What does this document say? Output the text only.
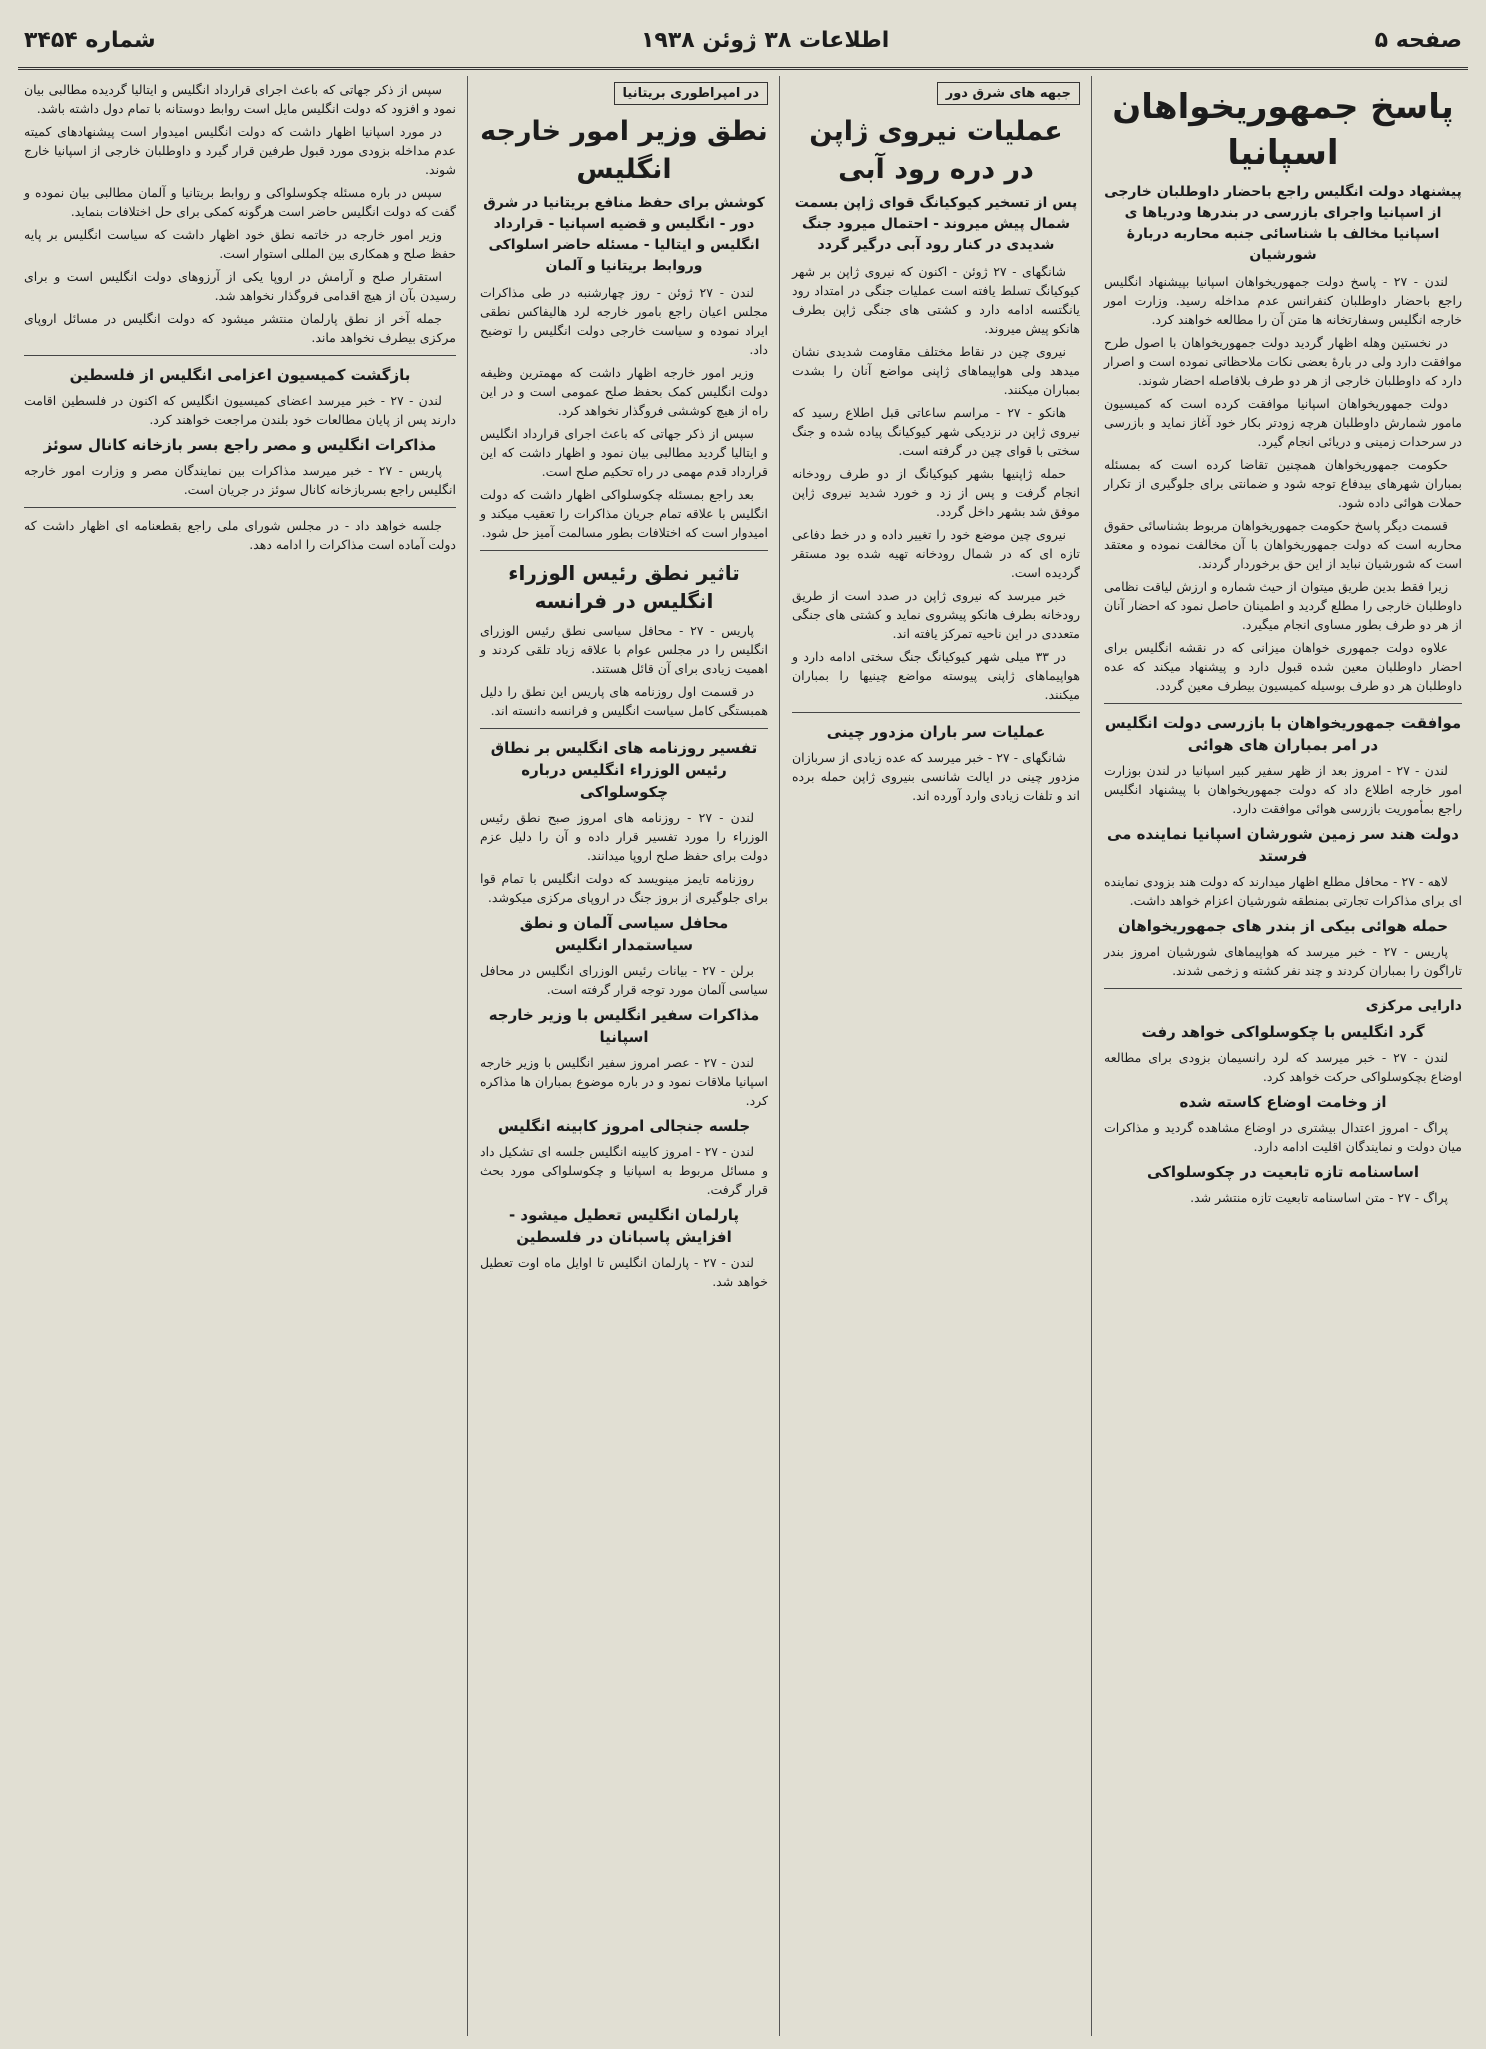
صفحه ۵
اطلاعات ۳۸ ژوئن ۱۹۳۸
شماره ۳۴۵۴
پاسخ جمهوریخواهان اسپانیا
پیشنهاد دولت انگلیس راجع باحضار داوطلبان خارجی از اسپانیا واجرای بازرسی در بندرها ودریاها ی اسپانیا مخالف با شناسائی جنبه محاربه دربارهٔ شورشیان

لندن - ۲۷ - پاسخ دولت جمهوریخواهان اسپانیا بپیشنهاد انگلیس راجع باحضار داوطلبان کنفرانس عدم مداخله رسید. وزارت امور خارجه انگلیس وسفارتخانه ها متن آن را مطالعه خواهند کرد.

در نخستین وهله اظهار گردید دولت جمهوریخواهان با اصول طرح موافقت دارد ولی در بارهٔ بعضی نکات ملاحظاتی نموده است و اصرار دارد که داوطلبان خارجی از هر دو طرف بلافاصله احضار شوند.

دولت جمهوریخواهان اسپانیا موافقت کرده است که کمیسیون مامور شمارش داوطلبان هرچه زودتر بکار خود آغاز نماید و بازرسی در سرحدات زمینی و دریائی انجام گیرد.

حکومت جمهوریخواهان همچنین تقاضا کرده است که بمسئله بمباران شهرهای بیدفاع توجه شود و ضمانتی برای جلوگیری از تکرار حملات هوائی داده شود.

قسمت دیگر پاسخ حکومت جمهوریخواهان مربوط بشناسائی حقوق محاربه است که دولت جمهوریخواهان با آن مخالفت نموده و معتقد است که شورشیان نباید از این حق برخوردار گردند.

زیرا فقط بدین طریق میتوان از حیث شماره و ارزش لیاقت نظامی داوطلبان خارجی را مطلع گردید و اطمینان حاصل نمود که احضار آنان از هر دو طرف بطور مساوی انجام میگیرد.

علاوه دولت جمهوری خواهان میزانی که در نقشه انگلیس برای احضار داوطلبان معین شده قبول دارد و پیشنهاد میکند که عده داوطلبان هر دو طرف بوسیله کمیسیون بیطرف معین گردد.

موافقت جمهوریخواهان با بازرسی دولت انگلیس در امر بمباران های هوائی

لندن - ۲۷ - امروز بعد از ظهر سفیر کبیر اسپانیا در لندن بوزارت امور خارجه اطلاع داد که دولت جمهوریخواهان با پیشنهاد انگلیس راجع بمأموریت بازرسی هوائی موافقت دارد.

دولت هند سر زمین شورشان اسپانیا نماینده می فرستد

لاهه - ۲۷ - محافل مطلع اظهار میدارند که دولت هند بزودی نماینده ای برای مذاکرات تجارتی بمنطقه شورشیان اعزام خواهد داشت.

حمله هوائی بیکی از بندر های جمهوریخواهان

پاریس - ۲۷ - خبر میرسد که هواپیماهای شورشیان امروز بندر تاراگون را بمباران کردند و چند نفر کشته و زخمی شدند.

دارایی مرکزی
گرد انگلیس با چکوسلواکی خواهد رفت

لندن - ۲۷ - خبر میرسد که لرد رانسیمان بزودی برای مطالعه اوضاع بچکوسلواکی حرکت خواهد کرد.

از وخامت اوضاع کاسته شده

پراگ - امروز اعتدال بیشتری در اوضاع مشاهده گردید و مذاکرات میان دولت و نمایندگان اقلیت ادامه دارد.

اساسنامه تازه تابعیت در چکوسلواکی

پراگ - ۲۷ - متن اساسنامه تابعیت تازه منتشر شد.

جبهه های شرق دور
عملیات نیروی ژاپن در دره رود آبی
پس از تسخیر کیوکیانگ قوای ژاپن بسمت شمال پیش میروند - احتمال میرود جنگ شدیدی در کنار رود آبی درگیر گردد

شانگهای - ۲۷ ژوئن - اکنون که نیروی ژاپن بر شهر کیوکیانگ تسلط یافته است عملیات جنگی در امتداد رود یانگتسه ادامه دارد و کشتی های جنگی ژاپن بطرف هانکو پیش میروند.

نیروی چین در نقاط مختلف مقاومت شدیدی نشان میدهد ولی هواپیماهای ژاپنی مواضع آنان را بشدت بمباران میکنند.

هانکو - ۲۷ - مراسم ساعاتی قبل اطلاع رسید که نیروی ژاپن در نزدیکی شهر کیوکیانگ پیاده شده و جنگ سختی با قوای چین در گرفته است.

حمله ژاپنیها بشهر کیوکیانگ از دو طرف رودخانه انجام گرفت و پس از زد و خورد شدید نیروی ژاپن موفق شد بشهر داخل گردد.

نیروی چین موضع خود را تغییر داده و در خط دفاعی تازه ای که در شمال رودخانه تهیه شده بود مستقر گردیده است.

خبر میرسد که نیروی ژاپن در صدد است از طریق رودخانه بطرف هانکو پیشروی نماید و کشتی های جنگی متعددی در این ناحیه تمرکز یافته اند.

در ۳۳ میلی شهر کیوکیانگ جنگ سختی ادامه دارد و هواپیماهای ژاپنی پیوسته مواضع چینیها را بمباران میکنند.

عملیات سر باران مزدور چینی

شانگهای - ۲۷ - خبر میرسد که عده زیادی از سربازان مزدور چینی در ایالت شانسی بنیروی ژاپن حمله برده اند و تلفات زیادی وارد آورده اند.

در امپراطوری بریتانیا
نطق وزیر امور خارجه انگلیس
کوشش برای حفظ منافع بریتانیا در شرق دور - انگلیس و قضیه اسپانیا - قرارداد انگلیس و ایتالیا - مسئله حاضر اسلواکی وروابط بریتانیا و آلمان

لندن - ۲۷ ژوئن - روز چهارشنبه در طی مذاکرات مجلس اعیان راجع بامور خارجه لرد هالیفاکس نطقی ایراد نموده و سیاست خارجی دولت انگلیس را توضیح داد.

وزیر امور خارجه اظهار داشت که مهمترین وظیفه دولت انگلیس کمک بحفظ صلح عمومی است و در این راه از هیچ کوششی فروگذار نخواهد کرد.

سپس از ذکر جهاتی که باعث اجرای قرارداد انگلیس و ایتالیا گردید مطالبی بیان نمود و اظهار داشت که این قرارداد قدم مهمی در راه تحکیم صلح است.

بعد راجع بمسئله چکوسلواکی اظهار داشت که دولت انگلیس با علاقه تمام جریان مذاکرات را تعقیب میکند و امیدوار است که اختلافات بطور مسالمت آمیز حل شود.

تاثیر نطق رئیس الوزراء انگلیس در فرانسه

پاریس - ۲۷ - محافل سیاسی نطق رئیس الوزرای انگلیس را در مجلس عوام با علاقه زیاد تلقی کردند و اهمیت زیادی برای آن قائل هستند.

در قسمت اول روزنامه های پاریس این نطق را دلیل همبستگی کامل سیاست انگلیس و فرانسه دانسته اند.

تفسیر روزنامه های انگلیس بر نطاق رئیس الوزراء انگلیس درباره چکوسلواکی

لندن - ۲۷ - روزنامه های امروز صبح نطق رئیس الوزراء را مورد تفسیر قرار داده و آن را دلیل عزم دولت برای حفظ صلح اروپا میدانند.

روزنامه تایمز مینویسد که دولت انگلیس با تمام قوا برای جلوگیری از بروز جنگ در اروپای مرکزی میکوشد.

محافل سیاسی آلمان و نطق سیاستمدار انگلیس

برلن - ۲۷ - بیانات رئیس الوزرای انگلیس در محافل سیاسی آلمان مورد توجه قرار گرفته است.

مذاکرات سفیر انگلیس با وزیر خارجه اسپانیا

لندن - ۲۷ - عصر امروز سفیر انگلیس با وزیر خارجه اسپانیا ملاقات نمود و در باره موضوع بمباران ها مذاکره کرد.

جلسه جنجالی امروز کابینه انگلیس

لندن - ۲۷ - امروز کابینه انگلیس جلسه ای تشکیل داد و مسائل مربوط به اسپانیا و چکوسلواکی مورد بحث قرار گرفت.

پارلمان انگلیس تعطیل میشود - افزایش پاسبانان در فلسطین

لندن - ۲۷ - پارلمان انگلیس تا اوایل ماه اوت تعطیل خواهد شد.

سپس از ذکر جهاتی که باعث اجرای قرارداد انگلیس و ایتالیا گردیده مطالبی بیان نمود و افزود که دولت انگلیس مایل است روابط دوستانه با تمام دول داشته باشد.

در مورد اسپانیا اظهار داشت که دولت انگلیس امیدوار است پیشنهادهای کمیته عدم مداخله بزودی مورد قبول طرفین قرار گیرد و داوطلبان خارجی از اسپانیا خارج شوند.

سپس در باره مسئله چکوسلواکی و روابط بریتانیا و آلمان مطالبی بیان نموده و گفت که دولت انگلیس حاضر است هرگونه کمکی برای حل اختلافات بنماید.

وزیر امور خارجه در خاتمه نطق خود اظهار داشت که سیاست انگلیس بر پایه حفظ صلح و همکاری بین المللی استوار است.

استقرار صلح و آرامش در اروپا یکی از آرزوهای دولت انگلیس است و برای رسیدن بآن از هیچ اقدامی فروگذار نخواهد شد.

جمله آخر از نطق پارلمان منتشر میشود که دولت انگلیس در مسائل اروپای مرکزی بیطرف نخواهد ماند.

بازگشت کمیسیون اعزامی انگلیس از فلسطین

لندن - ۲۷ - خبر میرسد اعضای کمیسیون انگلیس که اکنون در فلسطین اقامت دارند پس از پایان مطالعات خود بلندن مراجعت خواهند کرد.

مذاکرات انگلیس و مصر راجع بسر بازخانه کانال سوئز

پاریس - ۲۷ - خبر میرسد مذاکرات بین نمایندگان مصر و وزارت امور خارجه انگلیس راجع بسربازخانه کانال سوئز در جریان است.

جلسه خواهد داد - در مجلس شورای ملی راجع بقطعنامه ای اظهار داشت که دولت آماده است مذاکرات را ادامه دهد.
